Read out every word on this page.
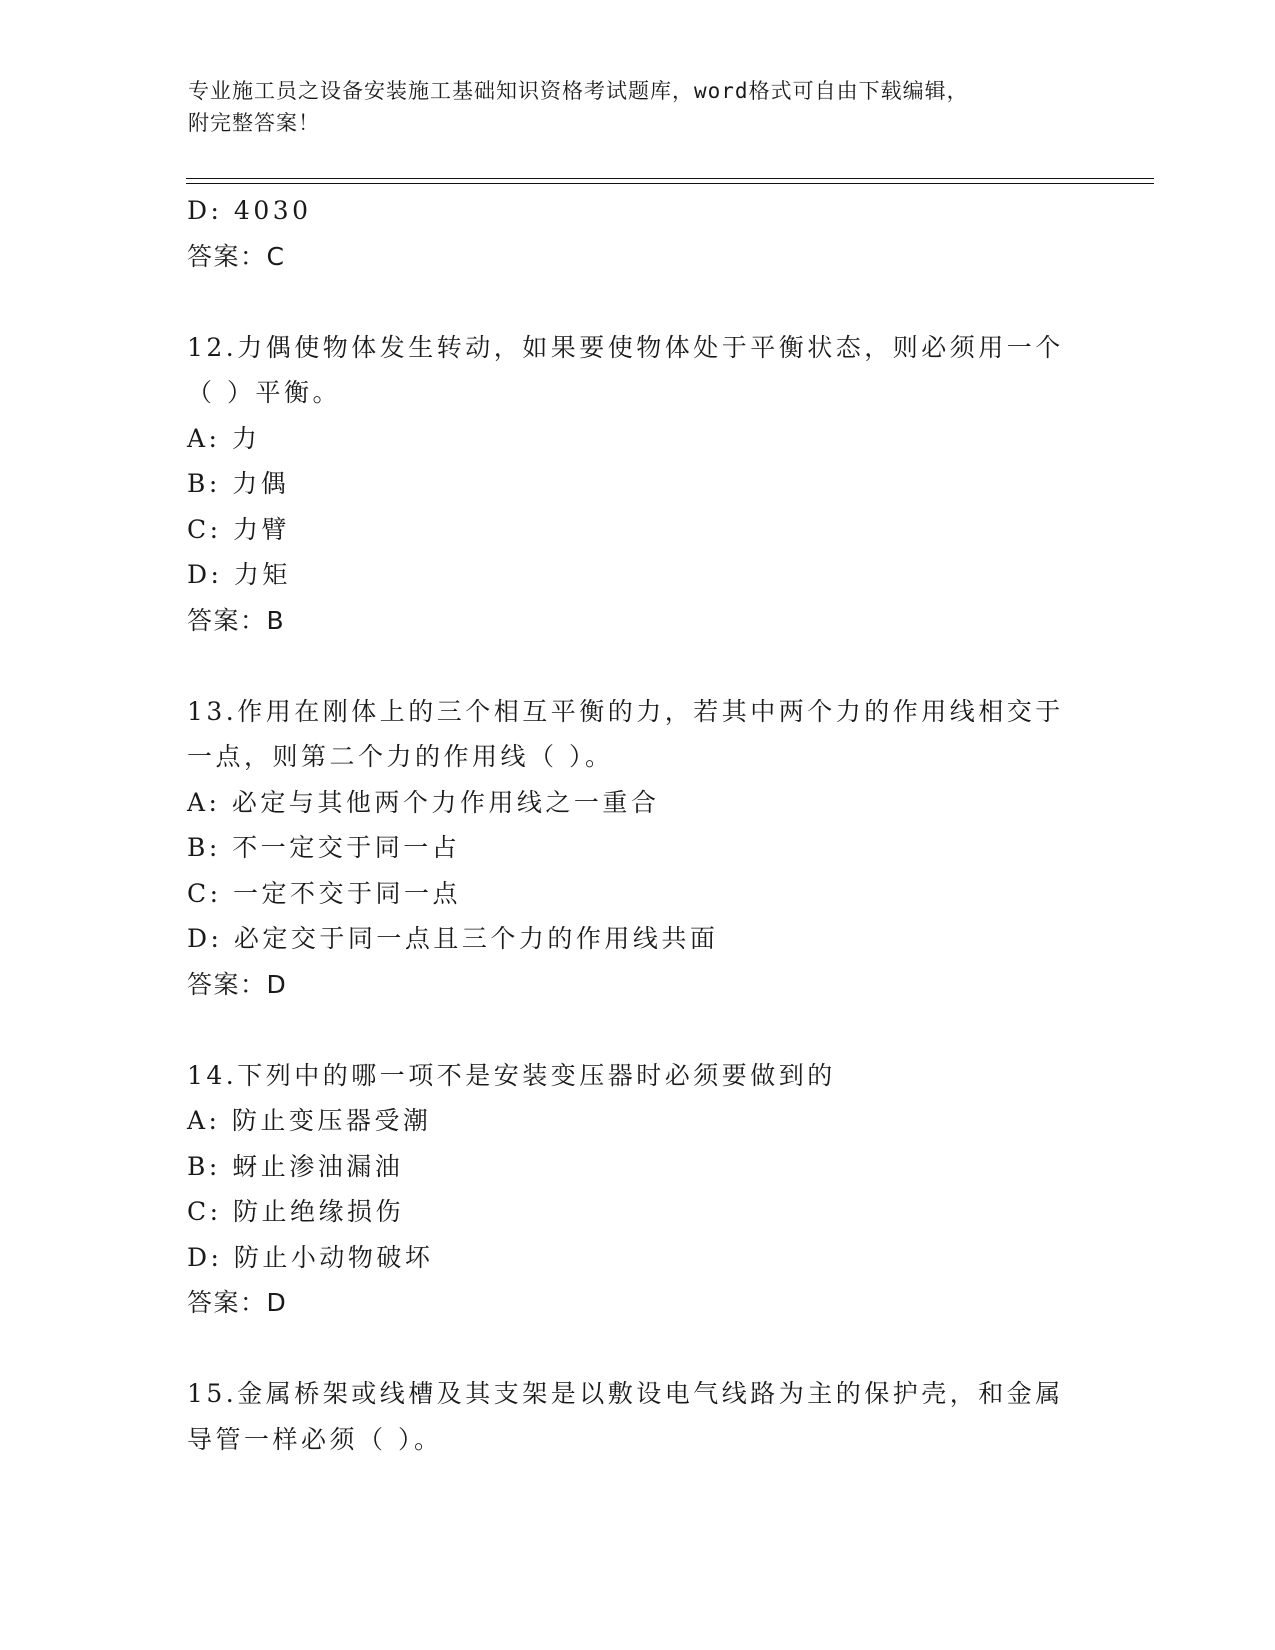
专业施工员之设备安装施工基础知识资格考试题库，word格式可自由下载编辑，
附完整答案！
D: 4030
答案：C
12.力偶使物体发生转动，如果要使物体处于平衡状态，则必须用一个
（ ）平衡。
A: 力
B: 力偶
C: 力臂
D: 力矩
答案：B
13.作用在刚体上的三个相互平衡的力，若其中两个力的作用线相交于
一点，则第二个力的作用线（ ）。
A: 必定与其他两个力作用线之一重合
B: 不一定交于同一占
C: 一定不交于同一点
D: 必定交于同一点且三个力的作用线共面
答案：D
14.下列中的哪一项不是安装变压器时必须要做到的
A: 防止变压器受潮
B: 蚜止渗油漏油
C: 防止绝缘损伤
D: 防止小动物破坏
答案：D
15.金属桥架或线槽及其支架是以敷设电气线路为主的保护壳，和金属
导管一样必须（ ）。
